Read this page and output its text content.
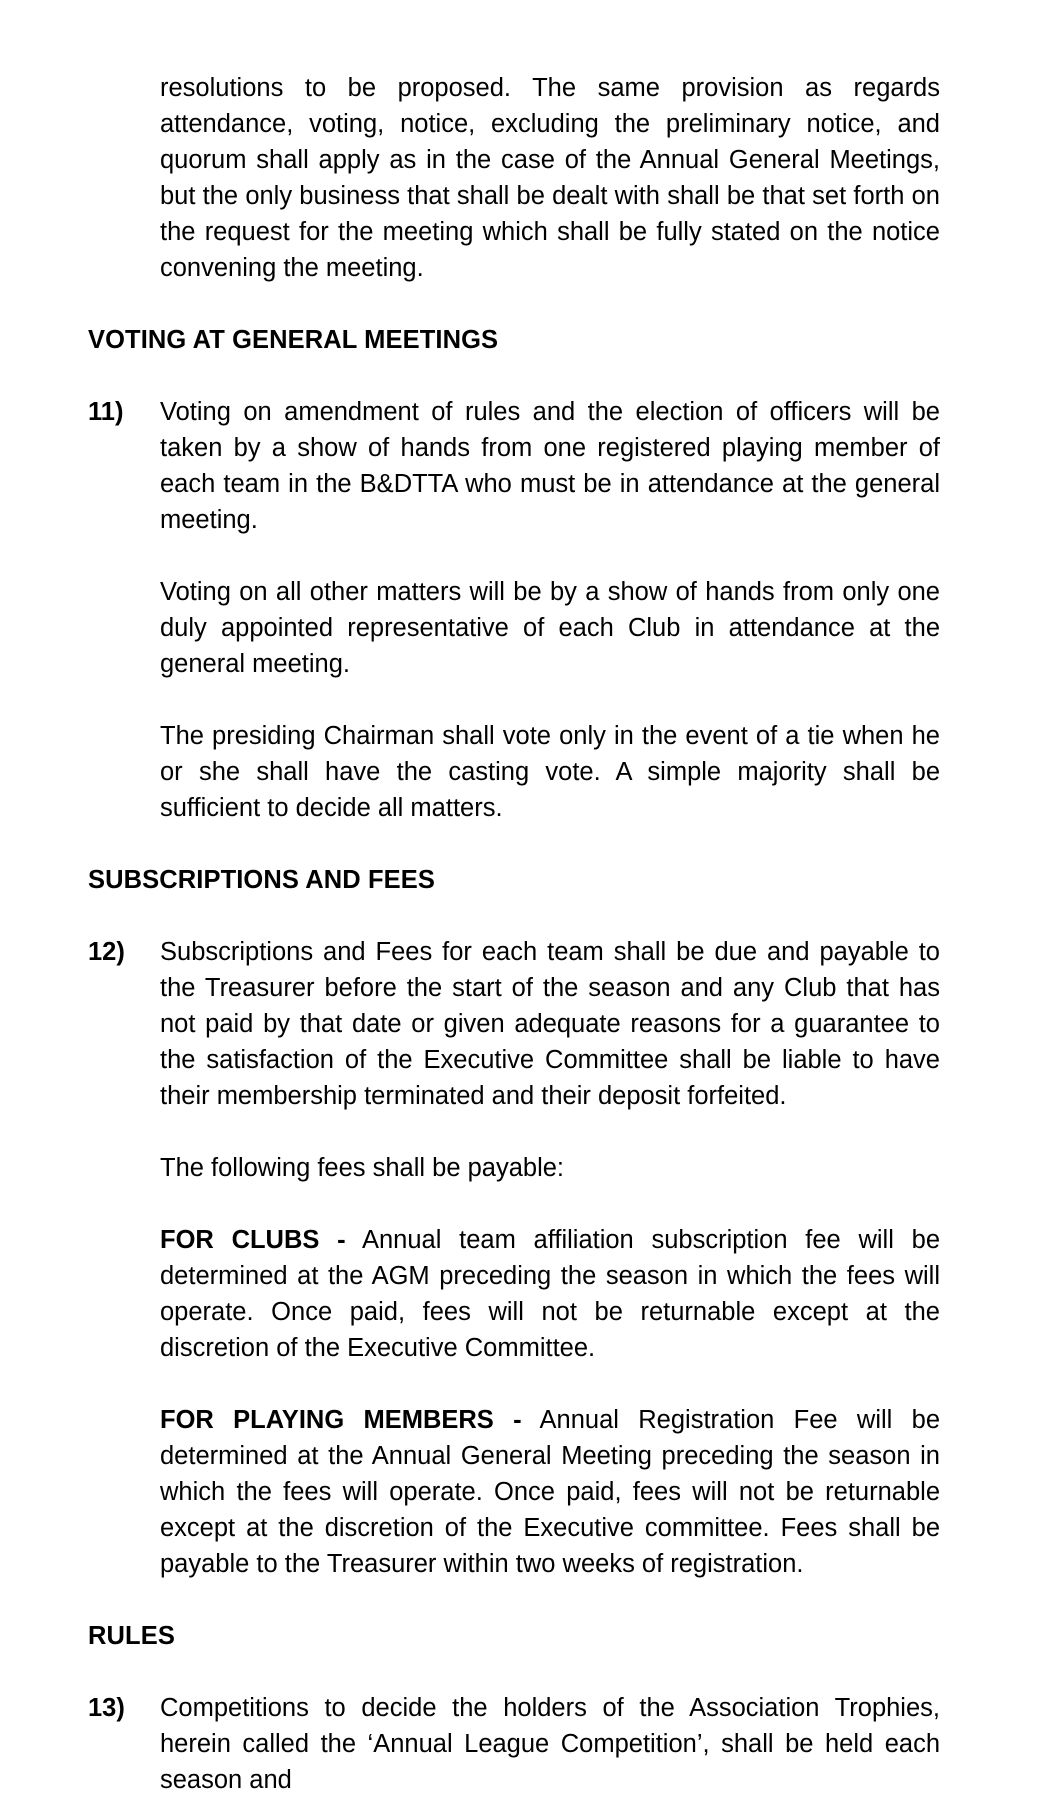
resolutions to be proposed. The same provision as regards attendance, voting, notice, excluding the preliminary notice, and quorum shall apply as in the case of the Annual General Meetings, but the only business that shall be dealt with shall be that set forth on the request for the meeting which shall be fully stated on the notice convening the meeting.

VOTING AT GENERAL MEETINGS
11)	Voting on amendment of rules and the election of officers will be taken by a show of hands from one registered playing member of each team in the B&DTTA who must be in attendance at the general meeting.

Voting on all other matters will be by a show of hands from only one duly appointed representative of each Club in attendance at the general meeting.

The presiding Chairman shall vote only in the event of a tie when he or she shall have the casting vote. A simple majority shall be sufficient to decide all matters.

SUBSCRIPTIONS AND FEES
12)	Subscriptions and Fees for each team shall be due and payable to the Treasurer before the start of the season and any Club that has not paid by that date or given adequate reasons for a guarantee to the satisfaction of the Executive Committee shall be liable to have their membership terminated and their deposit forfeited.

The following fees shall be payable:

FOR CLUBS - Annual team affiliation subscription fee will be determined at the AGM preceding the season in which the fees will operate. Once paid, fees will not be returnable except at the discretion of the Executive Committee.

FOR PLAYING MEMBERS - Annual Registration Fee will be determined at the Annual General Meeting preceding the season in which the fees will operate. Once paid, fees will not be returnable except at the discretion of the Executive committee. Fees shall be payable to the Treasurer within two weeks of registration.

RULES
13)	Competitions to decide the holders of the Association Trophies, herein called the ‘Annual League Competition’, shall be held each season and
